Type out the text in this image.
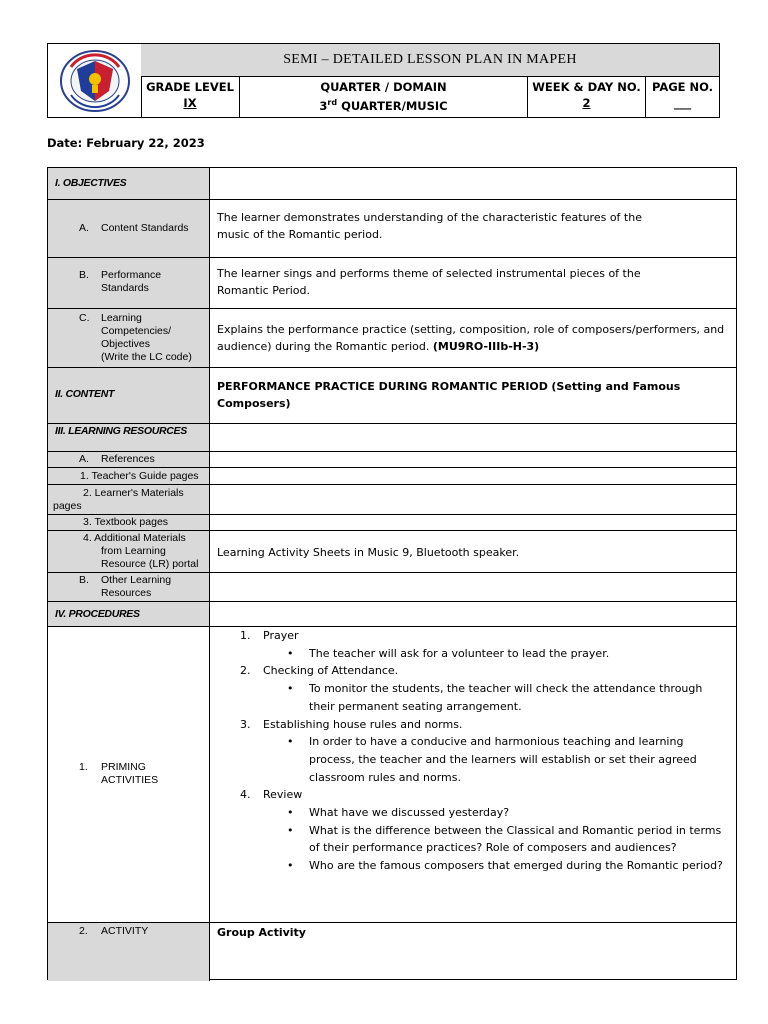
SEMI – DETAILED LESSON PLAN IN MAPEH
GRADE LEVEL
IX
QUARTER / DOMAIN
3rd QUARTER/MUSIC
WEEK & DAY NO.
2
PAGE NO.
___
Date: February 22, 2023
I. OBJECTIVES
A. Content Standards
The learner demonstrates understanding of the characteristic features of the music of the Romantic period.
B. Performance Standards
The learner sings and performs theme of selected instrumental pieces of the Romantic Period.
C. Learning
Competencies/
Objectives
(Write the LC code)
Explains the performance practice (setting, composition, role of composers/performers, and audience) during the Romantic period. (MU9RO-IIIb-H-3)
II. CONTENT
PERFORMANCE PRACTICE DURING ROMANTIC PERIOD (Setting and Famous Composers)
III. LEARNING RESOURCES
A. References
1. Teacher's Guide pages
2. Learner's Materials
pages
3. Textbook pages
4. Additional Materials
from Learning
Resource (LR) portal
Learning Activity Sheets in Music 9, Bluetooth speaker.
B. Other Learning
Resources
IV. PROCEDURES
1. PRIMING
ACTIVITIES
1. Prayer
• The teacher will ask for a volunteer to lead the prayer.
2. Checking of Attendance.
• To monitor the students, the teacher will check the attendance through their permanent seating arrangement.
3. Establishing house rules and norms.
• In order to have a conducive and harmonious teaching and learning process, the teacher and the learners will establish or set their agreed classroom rules and norms.
4. Review
• What have we discussed yesterday?
• What is the difference between the Classical and Romantic period in terms of their performance practices? Role of composers and audiences?
• Who are the famous composers that emerged during the Romantic period?
2. ACTIVITY	Group Activity
